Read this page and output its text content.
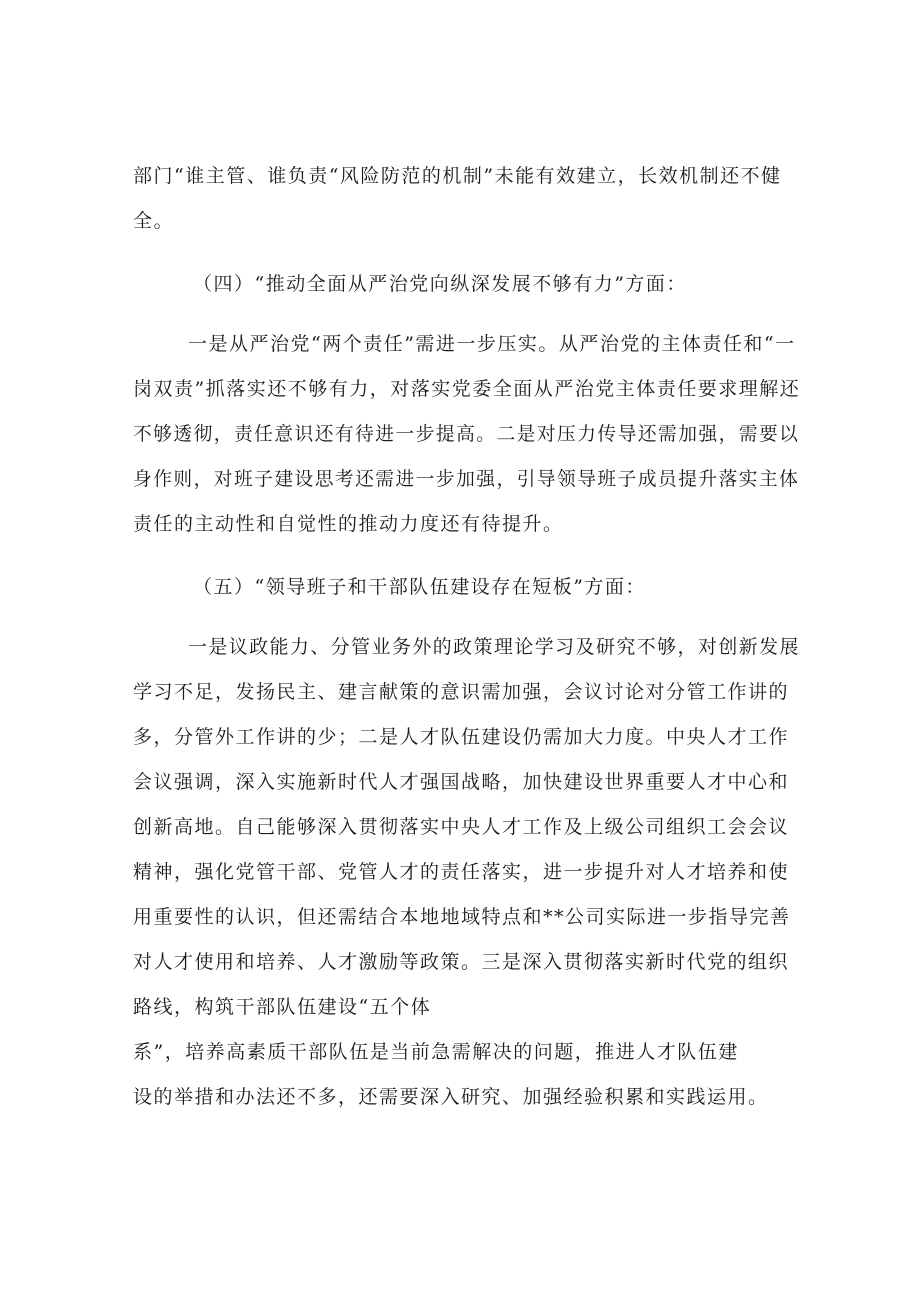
部门“谁主管、谁负责“风险防范的机制”未能有效建立，长效机制还不健
全。
（四）“推动全面从严治党向纵深发展不够有力”方面：
一是从严治党“两个责任”需进一步压实。从严治党的主体责任和“一
岗双责”抓落实还不够有力，对落实党委全面从严治党主体责任要求理解还
不够透彻，责任意识还有待进一步提高。二是对压力传导还需加强，需要以
身作则，对班子建设思考还需进一步加强，引导领导班子成员提升落实主体
责任的主动性和自觉性的推动力度还有待提升。
（五）“领导班子和干部队伍建设存在短板”方面：
一是议政能力、分管业务外的政策理论学习及研究不够，对创新发展
学习不足，发扬民主、建言献策的意识需加强，会议讨论对分管工作讲的
多，分管外工作讲的少；二是人才队伍建设仍需加大力度。中央人才工作
会议强调，深入实施新时代人才强国战略，加快建设世界重要人才中心和
创新高地。自己能够深入贯彻落实中央人才工作及上级公司组织工会会议
精神，强化党管干部、党管人才的责任落实，进一步提升对人才培养和使
用重要性的认识，但还需结合本地地域特点和**公司实际进一步指导完善
对人才使用和培养、人才激励等政策。三是深入贯彻落实新时代党的组织
路线，构筑干部队伍建设“五个体
系”，培养高素质干部队伍是当前急需解决的问题，推进人才队伍建
设的举措和办法还不多，还需要深入研究、加强经验积累和实践运用。
